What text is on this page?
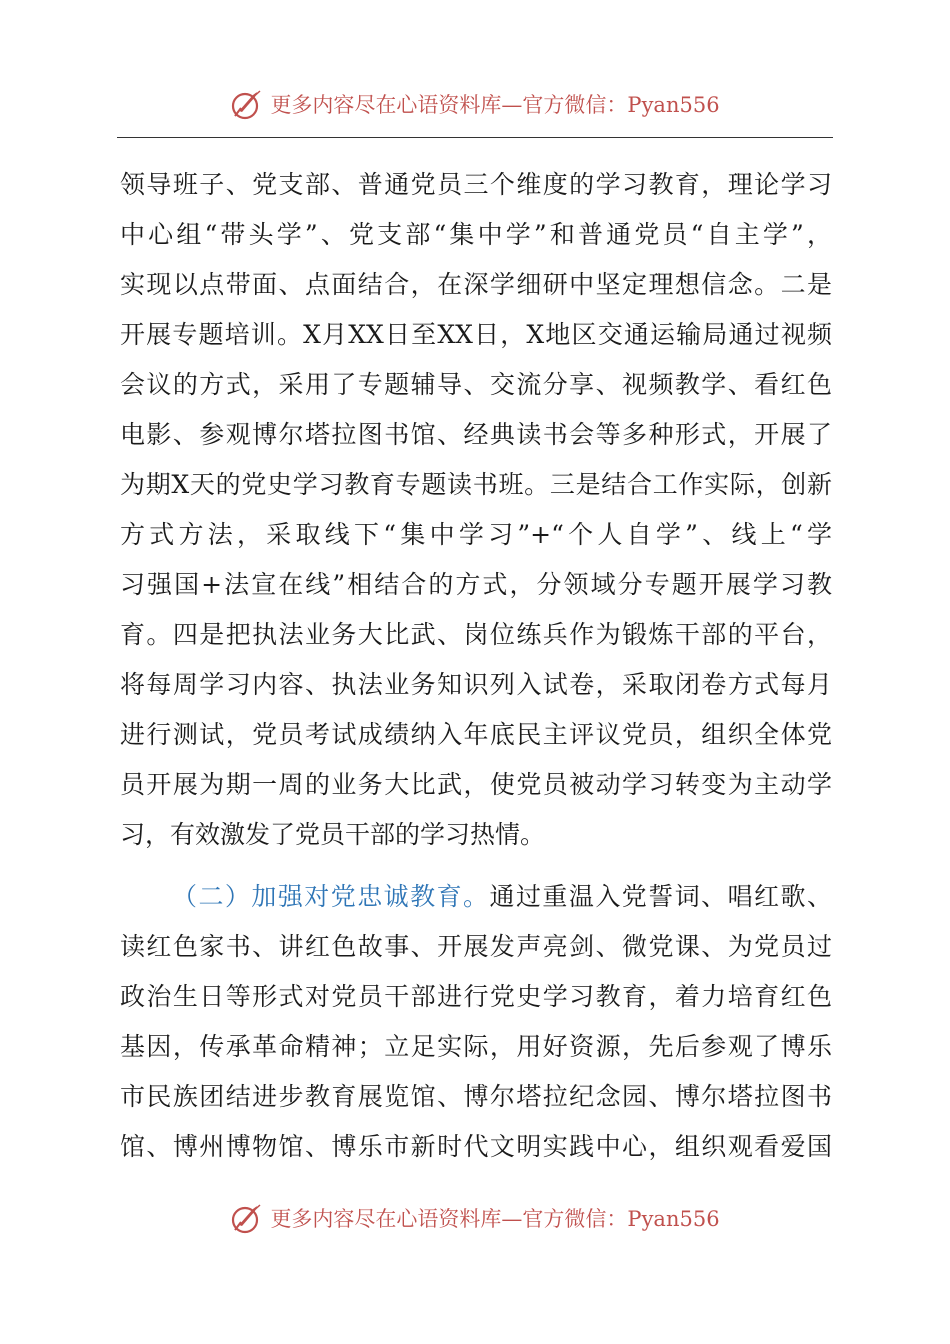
更多内容尽在心语资料库—官方微信：Pyan556
领导班子、党支部、普通党员三个维度的学习教育，理论学习
中心组“带头学”、党支部“集中学”和普通党员“自主学”，
实现以点带面、点面结合，在深学细研中坚定理想信念。二是
开展专题培训。X月XX日至XX日，X地区交通运输局通过视频
会议的方式，采用了专题辅导、交流分享、视频教学、看红色
电影、参观博尔塔拉图书馆、经典读书会等多种形式，开展了
为期X天的党史学习教育专题读书班。三是结合工作实际，创新
方式方法，采取线下“集中学习”+“个人自学”、线上“学
习强国+法宣在线”相结合的方式，分领域分专题开展学习教
育。四是把执法业务大比武、岗位练兵作为锻炼干部的平台，
将每周学习内容、执法业务知识列入试卷，采取闭卷方式每月
进行测试，党员考试成绩纳入年底民主评议党员，组织全体党
员开展为期一周的业务大比武，使党员被动学习转变为主动学
习，有效激发了党员干部的学习热情。
（二）加强对党忠诚教育。通过重温入党誓词、唱红歌、
读红色家书、讲红色故事、开展发声亮剑、微党课、为党员过
政治生日等形式对党员干部进行党史学习教育，着力培育红色
基因，传承革命精神；立足实际，用好资源，先后参观了博乐
市民族团结进步教育展览馆、博尔塔拉纪念园、博尔塔拉图书
馆、博州博物馆、博乐市新时代文明实践中心，组织观看爱国
更多内容尽在心语资料库—官方微信：Pyan556
